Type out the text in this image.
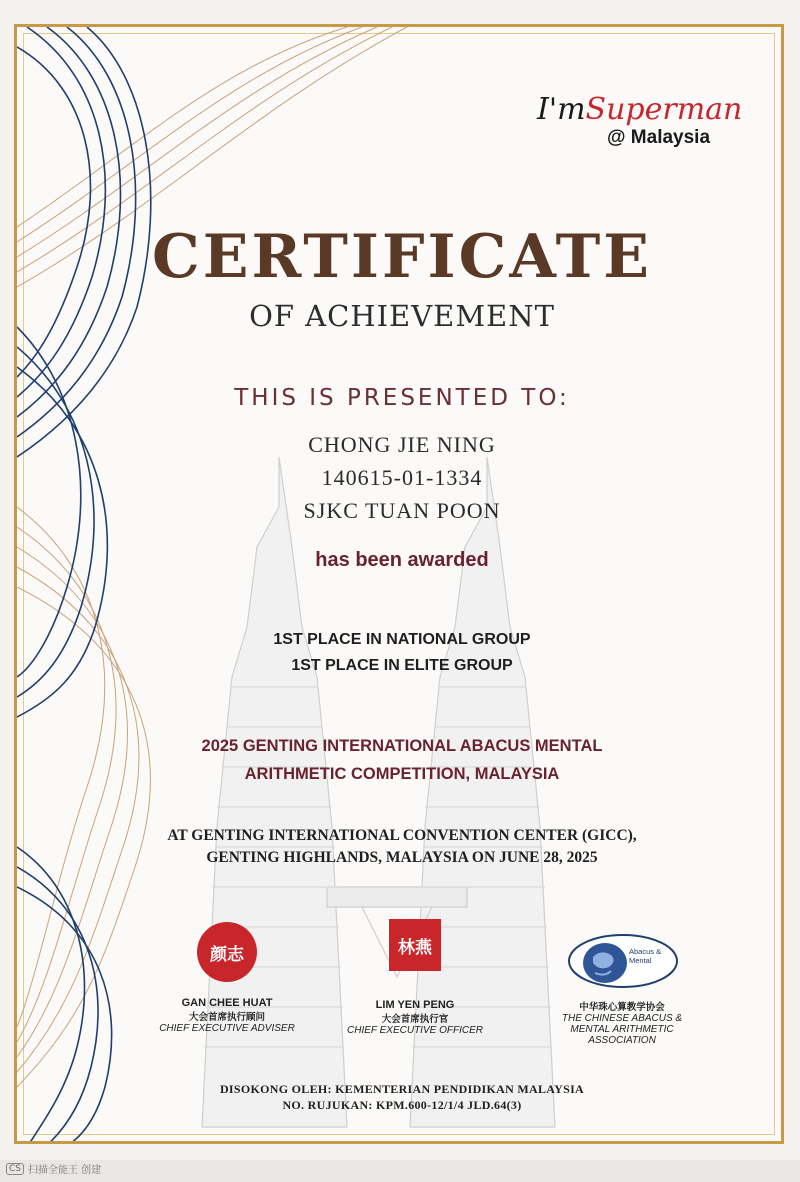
I'mSuperman
@ Malaysia
CERTIFICATE
OF ACHIEVEMENT
THIS IS PRESENTED TO:
CHONG JIE NING
140615-01-1334
SJKC TUAN POON
has been awarded
1ST PLACE IN NATIONAL GROUP
1ST PLACE IN ELITE GROUP
2025 GENTING INTERNATIONAL ABACUS MENTAL
ARITHMETIC COMPETITION, MALAYSIA
AT GENTING INTERNATIONAL CONVENTION CENTER (GICC),
GENTING HIGHLANDS, MALAYSIA ON JUNE 28, 2025
颜志
GAN CHEE HUAT
大会首席执行顾问
CHIEF EXECUTIVE ADVISER
林燕
LIM YEN PENG
大会首席执行官
CHIEF EXECUTIVE OFFICER
Abacus & Mental
中华珠心算教学协会
THE CHINESE ABACUS &
MENTAL ARITHMETIC
ASSOCIATION
DISOKONG OLEH: KEMENTERIAN PENDIDIKAN MALAYSIA
NO. RUJUKAN: KPM.600-12/1/4 JLD.64(3)
CS 扫描全能王 创建
